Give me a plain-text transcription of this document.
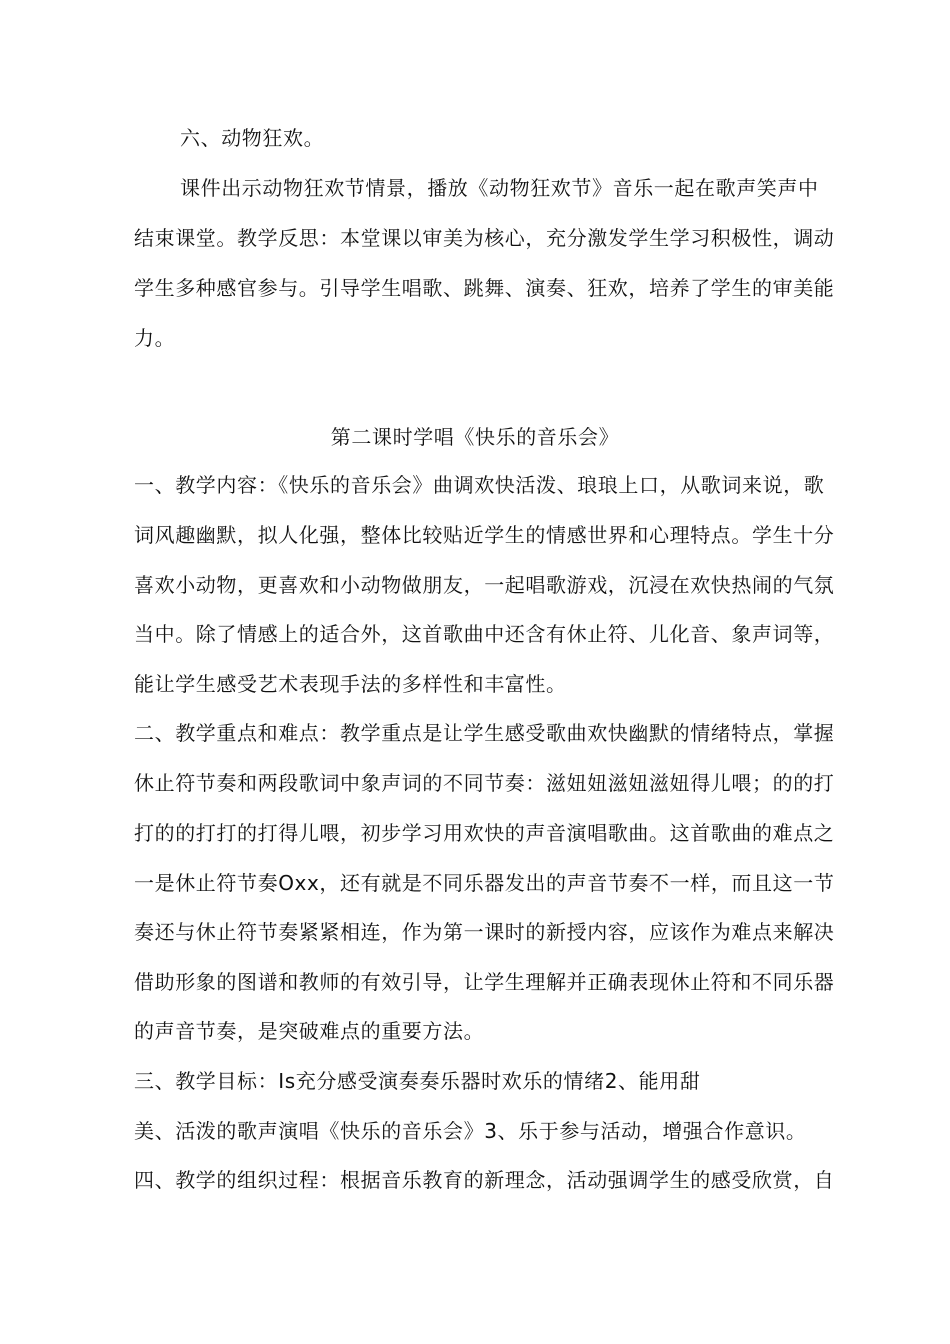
六、动物狂欢。
课件出示动物狂欢节情景，播放《动物狂欢节》音乐一起在歌声笑声中
结束课堂。教学反思：本堂课以审美为核心，充分激发学生学习积极性，调动
学生多种感官参与。引导学生唱歌、跳舞、演奏、狂欢，培养了学生的审美能
力。
第二课时学唱《快乐的音乐会》
一、教学内容：《快乐的音乐会》曲调欢快活泼、琅琅上口，从歌词来说，歌
词风趣幽默，拟人化强，整体比较贴近学生的情感世界和心理特点。学生十分
喜欢小动物，更喜欢和小动物做朋友，一起唱歌游戏，沉浸在欢快热闹的气氛
当中。除了情感上的适合外，这首歌曲中还含有休止符、儿化音、象声词等，
能让学生感受艺术表现手法的多样性和丰富性。
二、教学重点和难点：教学重点是让学生感受歌曲欢快幽默的情绪特点，掌握
休止符节奏和两段歌词中象声词的不同节奏：滋妞妞滋妞滋妞得儿喂；的的打
打的的打打的打得儿喂，初步学习用欢快的声音演唱歌曲。这首歌曲的难点之
一是休止符节奏Oxx，还有就是不同乐器发出的声音节奏不一样，而且这一节
奏还与休止符节奏紧紧相连，作为第一课时的新授内容，应该作为难点来解决
借助形象的图谱和教师的有效引导，让学生理解并正确表现休止符和不同乐器
的声音节奏，是突破难点的重要方法。
三、教学目标：Is充分感受演奏奏乐器时欢乐的情绪2、能用甜
美、活泼的歌声演唱《快乐的音乐会》3、乐于参与活动，增强合作意识。
四、教学的组织过程：根据音乐教育的新理念，活动强调学生的感受欣赏，自
